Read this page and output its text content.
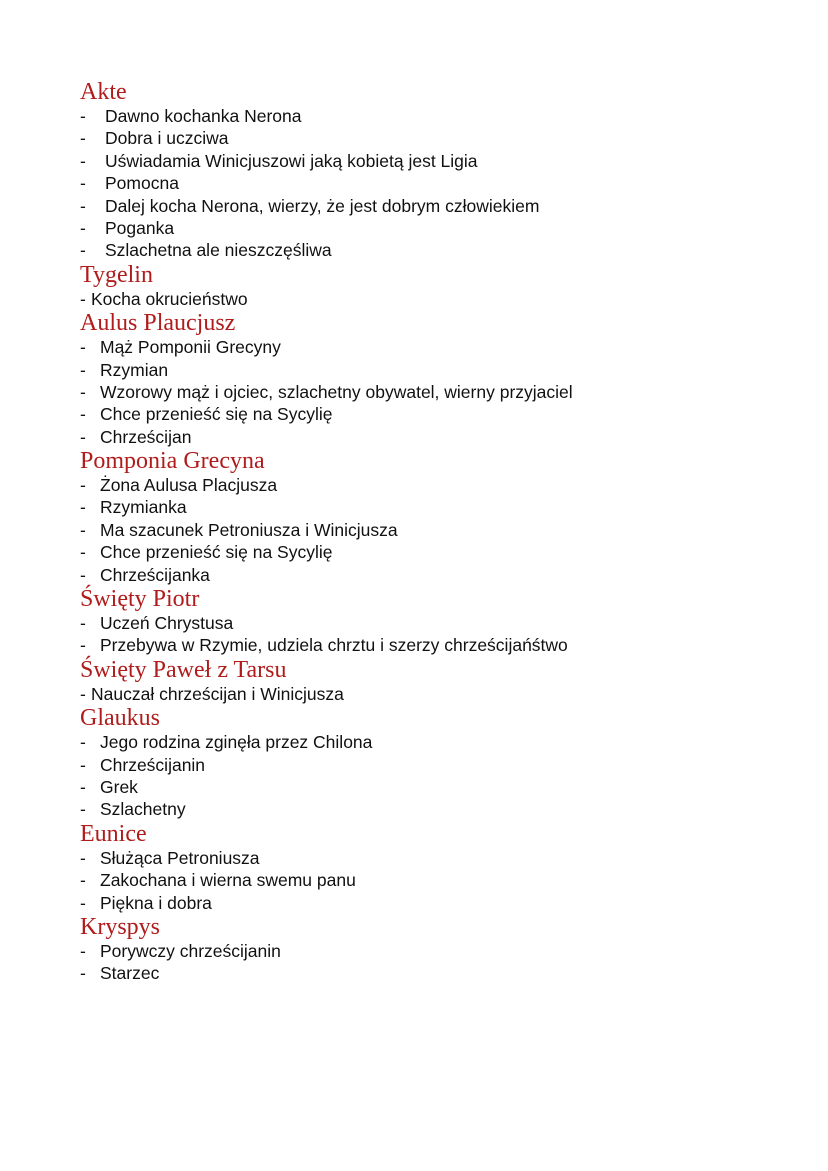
Akte
-	Dawno kochanka Nerona
-	Dobra i uczciwa
-	Uświadamia Winicjuszowi jaką kobietą jest Ligia
-	Pomocna
-	Dalej kocha Nerona, wierzy, że jest dobrym człowiekiem
-	Poganka
-	Szlachetna ale nieszczęśliwa
Tygelin
- Kocha okrucieństwo
Aulus Plaucjusz
- Mąż Pomponii Grecyny
- Rzymian
- Wzorowy mąż i ojciec, szlachetny obywatel, wierny przyjaciel
- Chce przenieść się na Sycylię
- Chrześcijan
Pomponia Grecyna
- Żona Aulusa Placjusza
- Rzymianka
- Ma szacunek Petroniusza i Winicjusza
- Chce przenieść się na Sycylię
- Chrześcijanka
Święty Piotr
- Uczeń Chrystusa
- Przebywa w Rzymie, udziela chrztu i szerzy chrześcijańśtwo
Święty Paweł z Tarsu
- Nauczał chrześcijan i Winicjusza
Glaukus
- Jego rodzina zginęła przez Chilona
- Chrześcijanin
- Grek
- Szlachetny
Eunice
- Służąca Petroniusza
- Zakochana i wierna swemu panu
- Piękna i dobra
Kryspys
- Porywczy chrześcijanin
- Starzec
